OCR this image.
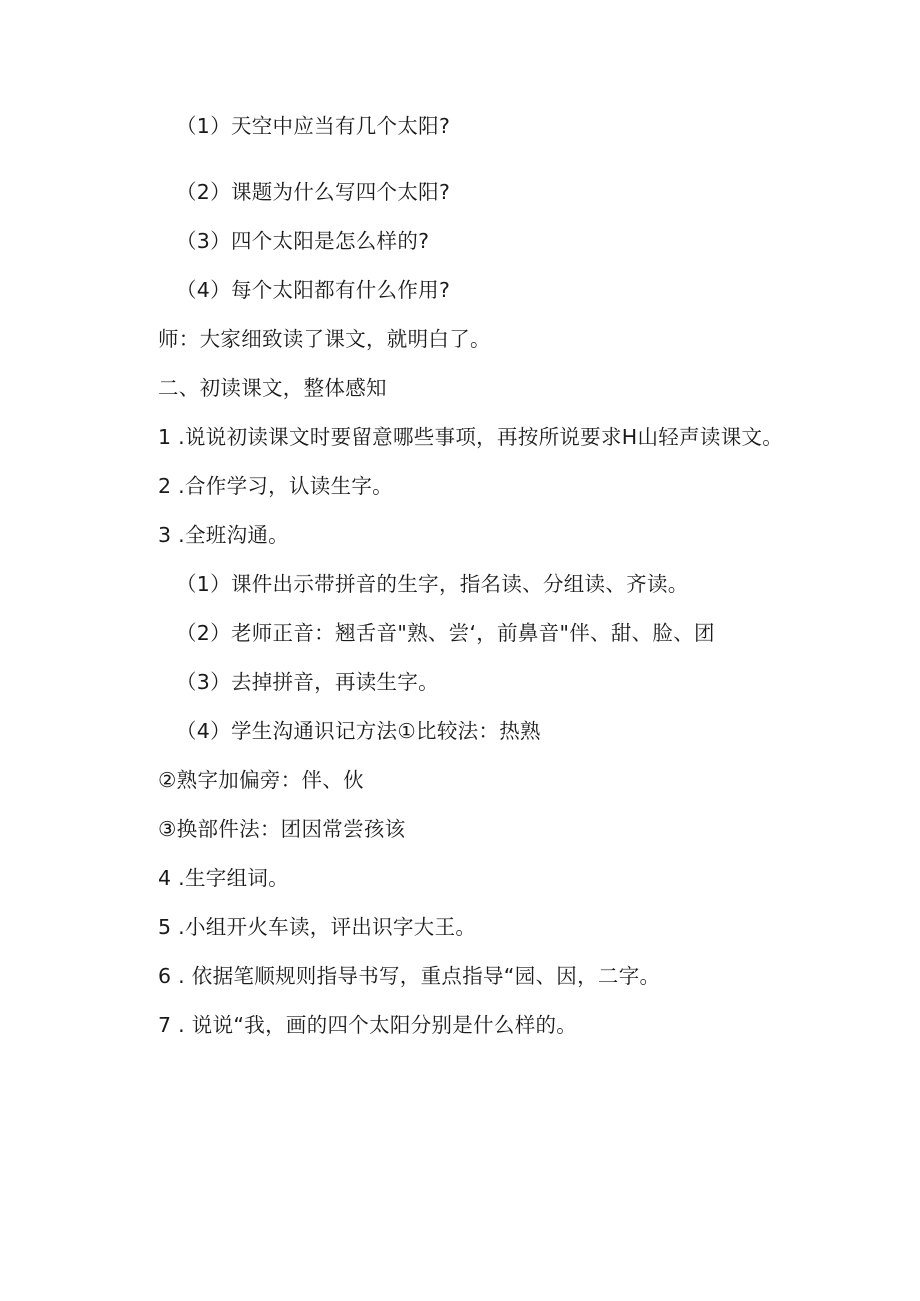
（1）天空中应当有几个太阳?
（2）课题为什么写四个太阳?
（3）四个太阳是怎么样的?
（4）每个太阳都有什么作用?
师：大家细致读了课文，就明白了。
二、初读课文，整体感知
1 .说说初读课文时要留意哪些事项，再按所说要求H山轻声读课文。
2 .合作学习，认读生字。
3 .全班沟通。
（1）课件出示带拼音的生字，指名读、分组读、齐读。
（2）老师正音：翘舌音"熟、尝‘，前鼻音"伴、甜、脸、团
（3）去掉拼音，再读生字。
（4）学生沟通识记方法①比较法：热熟
②熟字加偏旁：伴、伙
③换部件法：团因常尝孩该
4 .生字组词。
5 .小组开火车读，评出识字大王。
6 . 依据笔顺规则指导书写，重点指导“园、因，二字。
7 . 说说“我，画的四个太阳分别是什么样的。
